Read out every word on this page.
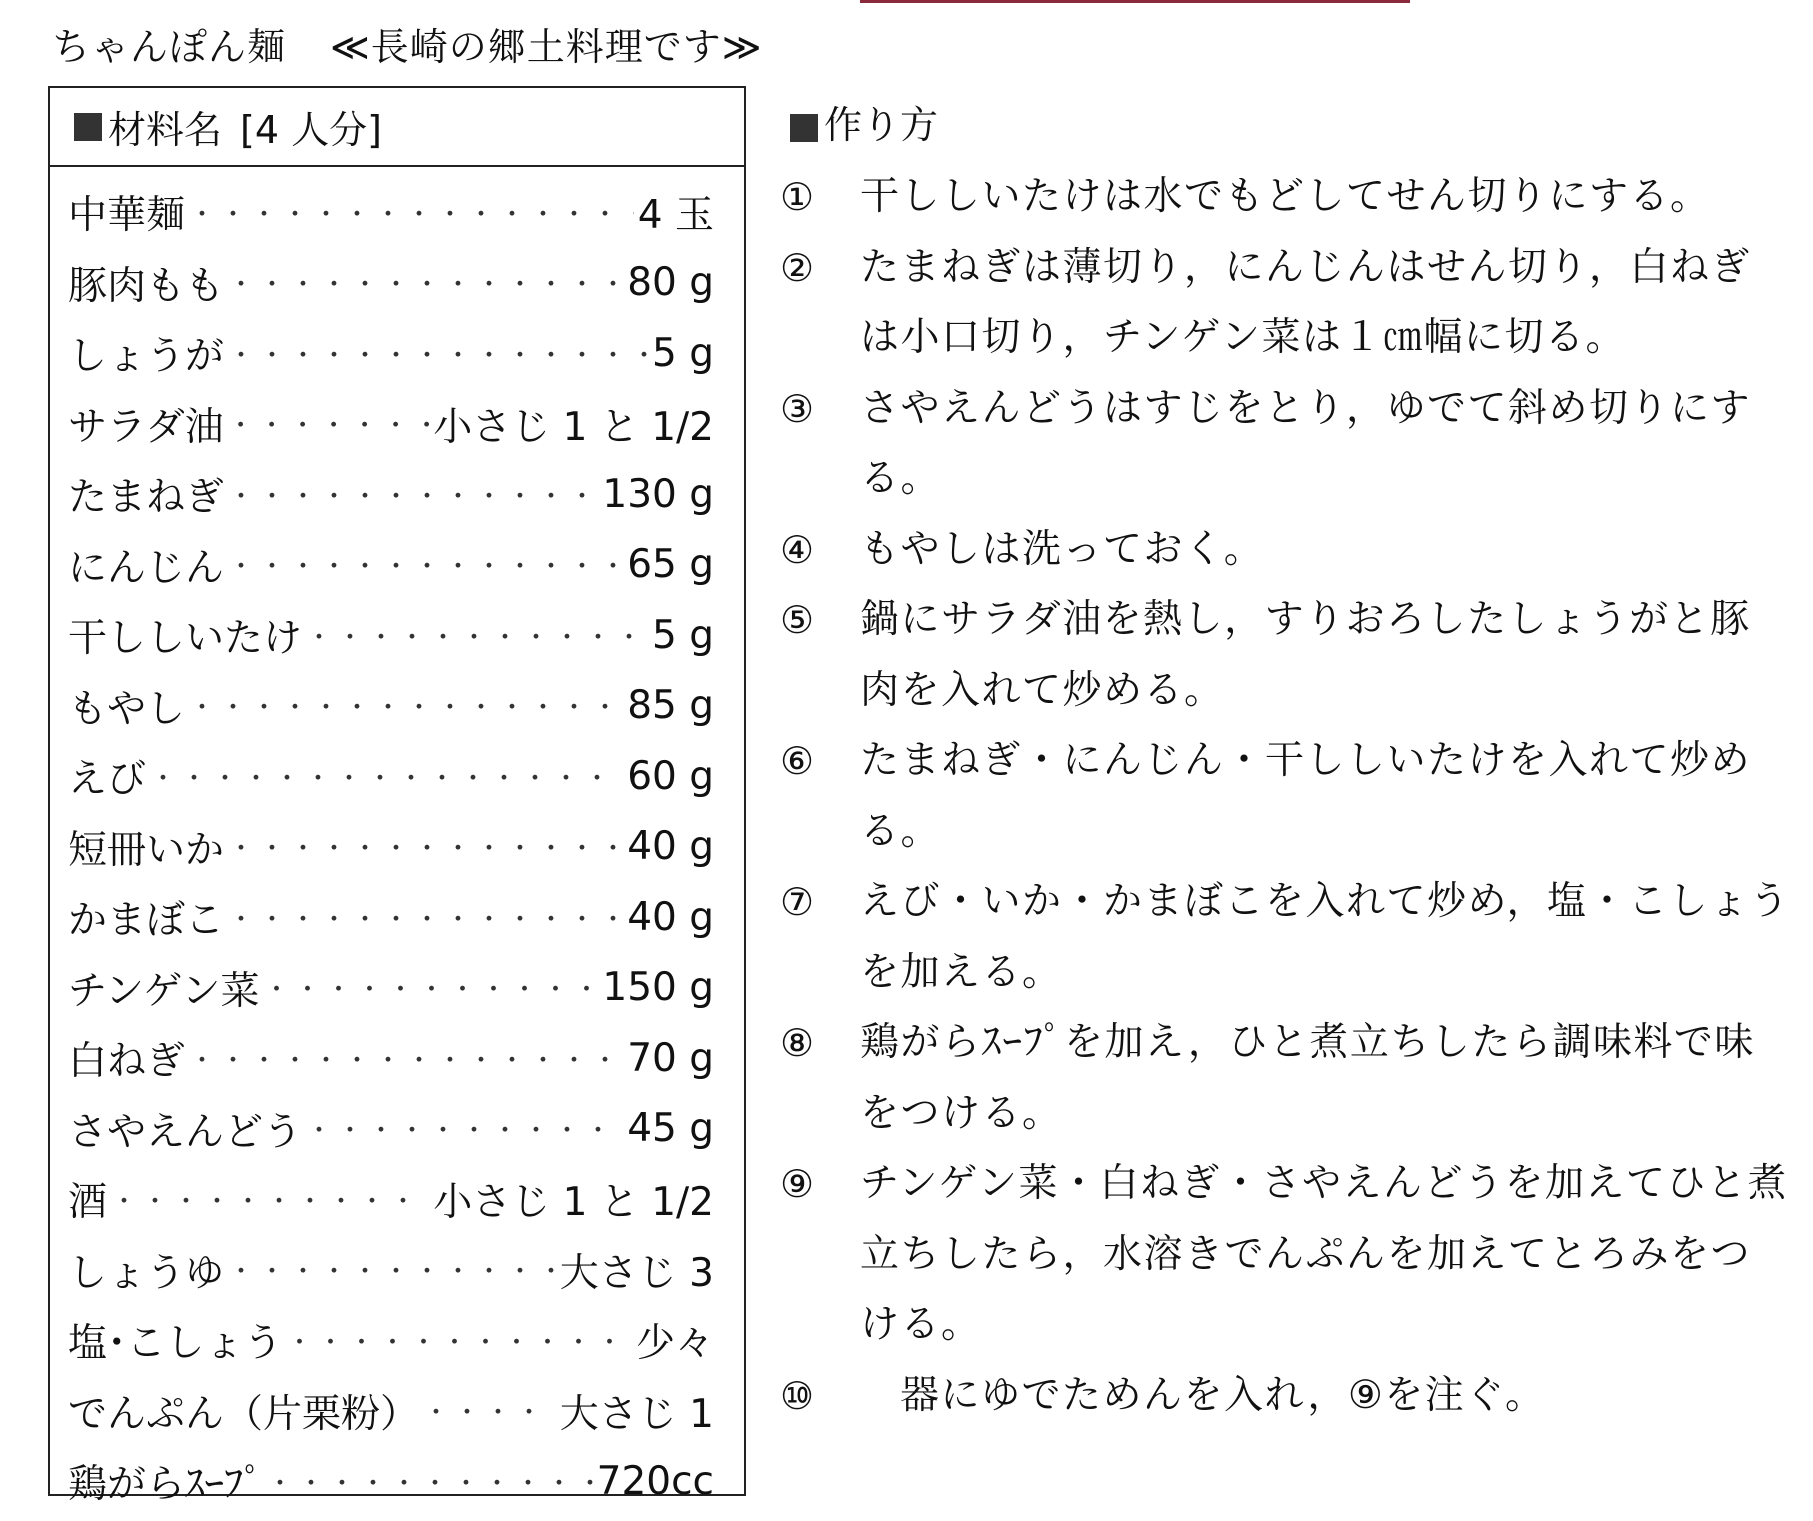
ちゃんぽん麺 ≪長崎の郷土料理です≫
材料名 [4 人分]
中華麺 ・・・・・・・・・・・・・・・・・・・・・・・・・・・・・・・・・・・・・・・・・	4 玉
豚肉もも ・・・・・・・・・・・・・・・・・・・・・・・・・・・・・・・・・・・・・・・・・	80 g
しょうが ・・・・・・・・・・・・・・・・・・・・・・・・・・・・・・・・・・・・・・・・・	5 g
サラダ油 ・・・・・・・・・・・・・・・・・・・・・・・・・・・・・・・・・・・・・・・・・	小さじ 1 と 1/2
たまねぎ ・・・・・・・・・・・・・・・・・・・・・・・・・・・・・・・・・・・・・・・・・	130 g
にんじん ・・・・・・・・・・・・・・・・・・・・・・・・・・・・・・・・・・・・・・・・・	65 g
干ししいたけ ・・・・・・・・・・・・・・・・・・・・・・・・・・・・・・・・・・・・・・・・・	5 g
もやし ・・・・・・・・・・・・・・・・・・・・・・・・・・・・・・・・・・・・・・・・・	85 g
えび ・・・・・・・・・・・・・・・・・・・・・・・・・・・・・・・・・・・・・・・・・	60 g
短冊いか ・・・・・・・・・・・・・・・・・・・・・・・・・・・・・・・・・・・・・・・・・	40 g
かまぼこ ・・・・・・・・・・・・・・・・・・・・・・・・・・・・・・・・・・・・・・・・・	40 g
チンゲン菜 ・・・・・・・・・・・・・・・・・・・・・・・・・・・・・・・・・・・・・・・・・	150 g
白ねぎ ・・・・・・・・・・・・・・・・・・・・・・・・・・・・・・・・・・・・・・・・・	70 g
さやえんどう ・・・・・・・・・・・・・・・・・・・・・・・・・・・・・・・・・・・・・・・・・	45 g
酒 ・・・・・・・・・・・・・・・・・・・・・・・・・・・・・・・・・・・・・・・・・	小さじ 1 と 1/2
しょうゆ ・・・・・・・・・・・・・・・・・・・・・・・・・・・・・・・・・・・・・・・・・	大さじ 3
塩･こしょう ・・・・・・・・・・・・・・・・・・・・・・・・・・・・・・・・・・・・・・・・・	少々
でんぷん（片栗粉） ・・・・・・・・・・・・・・・・・・・・・・・・・・・・・・・・・・・・・・・・・	大さじ 1
鶏がらｽｰﾌﾟ ・・・・・・・・・・・・・・・・・・・・・・・・・・・・・・・・・・・・・・・・・	720cc
作り方
①	干ししいたけは水でもどしてせん切りにする。
②	たまねぎは薄切り，にんじんはせん切り，白ねぎは小口切り，チンゲン菜は１㎝幅に切る。
③	さやえんどうはすじをとり，ゆでて斜め切りにする。
④	もやしは洗っておく。
⑤	鍋にサラダ油を熱し，すりおろしたしょうがと豚肉を入れて炒める。
⑥	たまねぎ・にんじん・干ししいたけを入れて炒める。
⑦	えび・いか・かまぼこを入れて炒め，塩・こしょうを加える。
⑧	鶏がらｽｰﾌﾟを加え，ひと煮立ちしたら調味料で味をつける。
⑨	チンゲン菜・白ねぎ・さやえんどうを加えてひと煮立ちしたら，水溶きでんぷんを加えてとろみをつける。
⑩	器にゆでためんを入れ，⑨を注ぐ。
